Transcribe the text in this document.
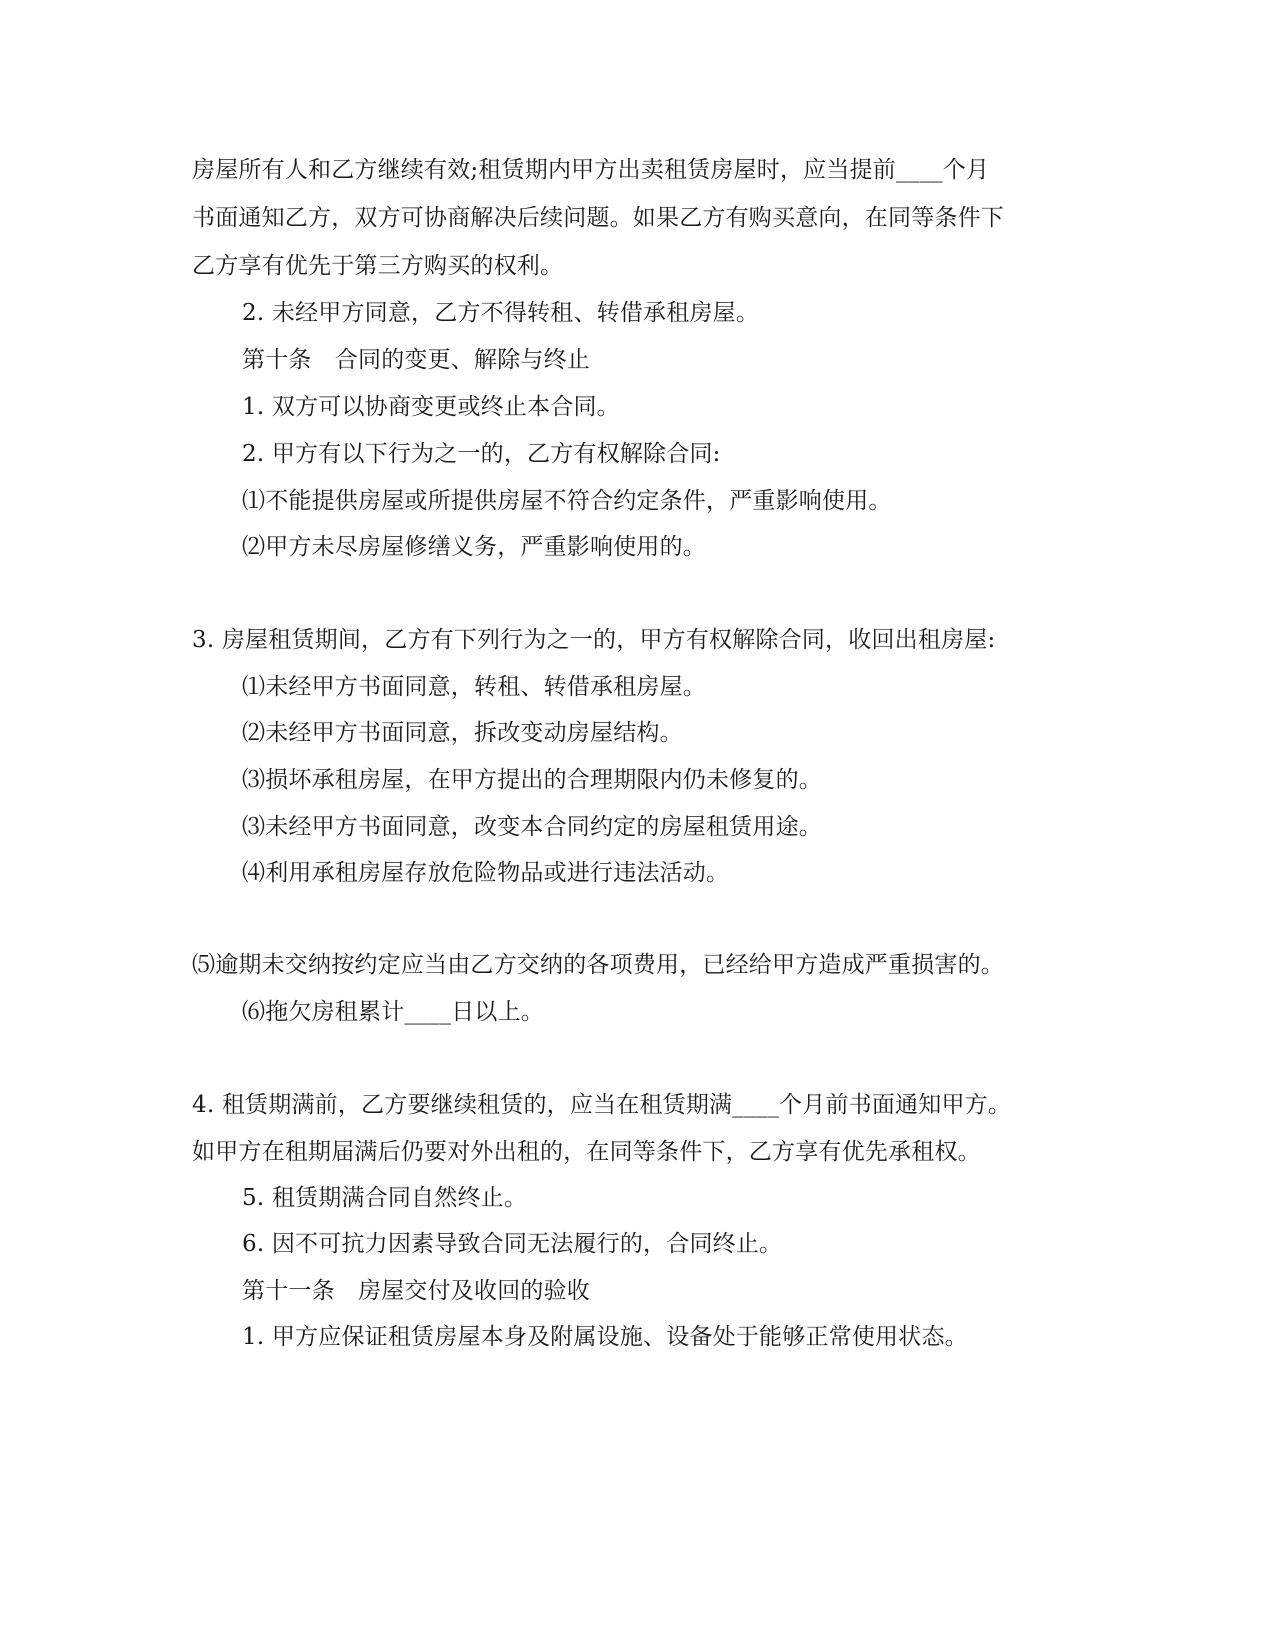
房屋所有人和乙方继续有效;租赁期内甲方出卖租赁房屋时，应当提前____个月
书面通知乙方，双方可协商解决后续问题。如果乙方有购买意向，在同等条件下
乙方享有优先于第三方购买的权利。
2. 未经甲方同意，乙方不得转租、转借承租房屋。
第十条　合同的变更、解除与终止
1. 双方可以协商变更或终止本合同。
2. 甲方有以下行为之一的，乙方有权解除合同:
⑴不能提供房屋或所提供房屋不符合约定条件，严重影响使用。
⑵甲方未尽房屋修缮义务，严重影响使用的。
3. 房屋租赁期间，乙方有下列行为之一的，甲方有权解除合同，收回出租房屋:
⑴未经甲方书面同意，转租、转借承租房屋。
⑵未经甲方书面同意，拆改变动房屋结构。
⑶损坏承租房屋，在甲方提出的合理期限内仍未修复的。
⑶未经甲方书面同意，改变本合同约定的房屋租赁用途。
⑷利用承租房屋存放危险物品或进行违法活动。
⑸逾期未交纳按约定应当由乙方交纳的各项费用，已经给甲方造成严重损害的。
⑹拖欠房租累计____日以上。
4. 租赁期满前，乙方要继续租赁的，应当在租赁期满____个月前书面通知甲方。
如甲方在租期届满后仍要对外出租的，在同等条件下，乙方享有优先承租权。
5. 租赁期满合同自然终止。
6. 因不可抗力因素导致合同无法履行的，合同终止。
第十一条　房屋交付及收回的验收
1. 甲方应保证租赁房屋本身及附属设施、设备处于能够正常使用状态。
